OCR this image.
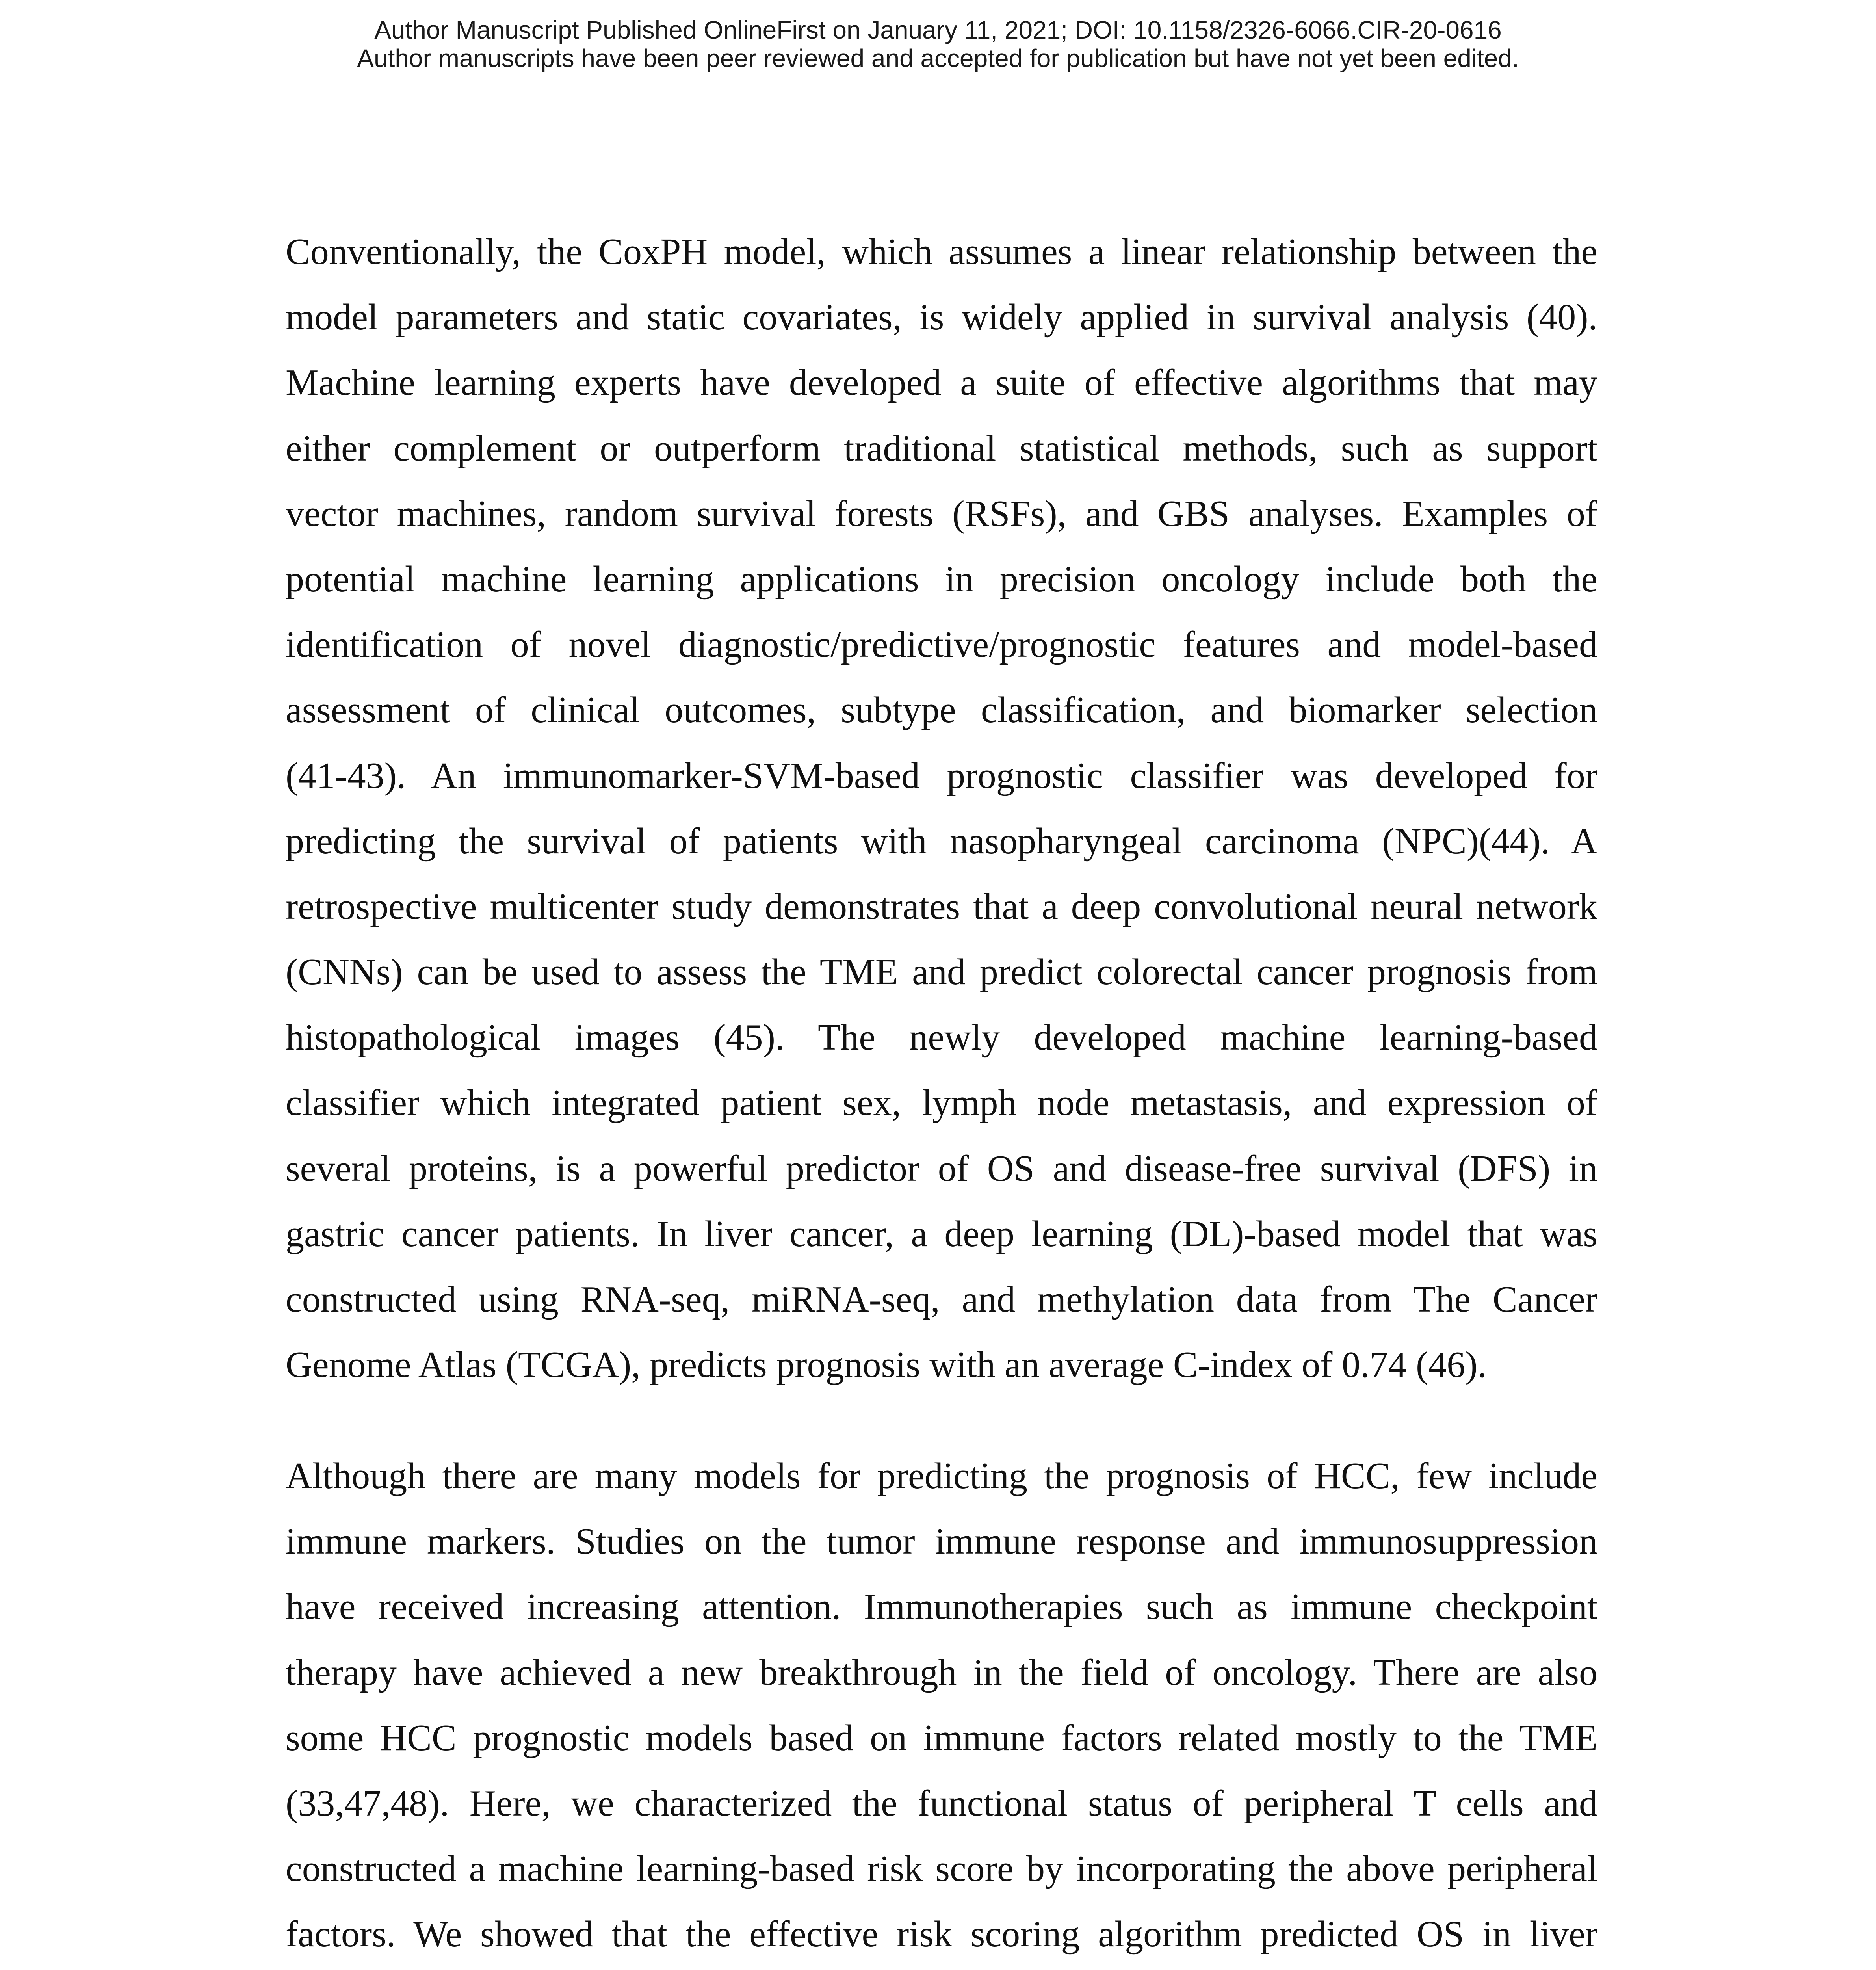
Author Manuscript Published OnlineFirst on January 11, 2021; DOI: 10.1158/2326-6066.CIR-20-0616
Author manuscripts have been peer reviewed and accepted for publication but have not yet been edited.
Conventionally, the CoxPH model, which assumes a linear relationship between the
model parameters and static covariates, is widely applied in survival analysis (40).
Machine learning experts have developed a suite of effective algorithms that may
either complement or outperform traditional statistical methods, such as support
vector machines, random survival forests (RSFs), and GBS analyses. Examples of
potential machine learning applications in precision oncology include both the
identification of novel diagnostic/predictive/prognostic features and model-based
assessment of clinical outcomes, subtype classification, and biomarker selection
(41-43). An immunomarker-SVM-based prognostic classifier was developed for
predicting the survival of patients with nasopharyngeal carcinoma (NPC)(44). A
retrospective multicenter study demonstrates that a deep convolutional neural network
(CNNs) can be used to assess the TME and predict colorectal cancer prognosis from
histopathological images (45). The newly developed machine learning-based
classifier which integrated patient sex, lymph node metastasis, and expression of
several proteins, is a powerful predictor of OS and disease-free survival (DFS) in
gastric cancer patients. In liver cancer, a deep learning (DL)-based model that was
constructed using RNA-seq, miRNA-seq, and methylation data from The Cancer
Genome Atlas (TCGA), predicts prognosis with an average C-index of 0.74 (46).
Although there are many models for predicting the prognosis of HCC, few include
immune markers. Studies on the tumor immune response and immunosuppression
have received increasing attention. Immunotherapies such as immune checkpoint
therapy have achieved a new breakthrough in the field of oncology. There are also
some HCC prognostic models based on immune factors related mostly to the TME
(33,47,48). Here, we characterized the functional status of peripheral T cells and
constructed a machine learning-based risk score by incorporating the above peripheral
factors. We showed that the effective risk scoring algorithm predicted OS in liver
